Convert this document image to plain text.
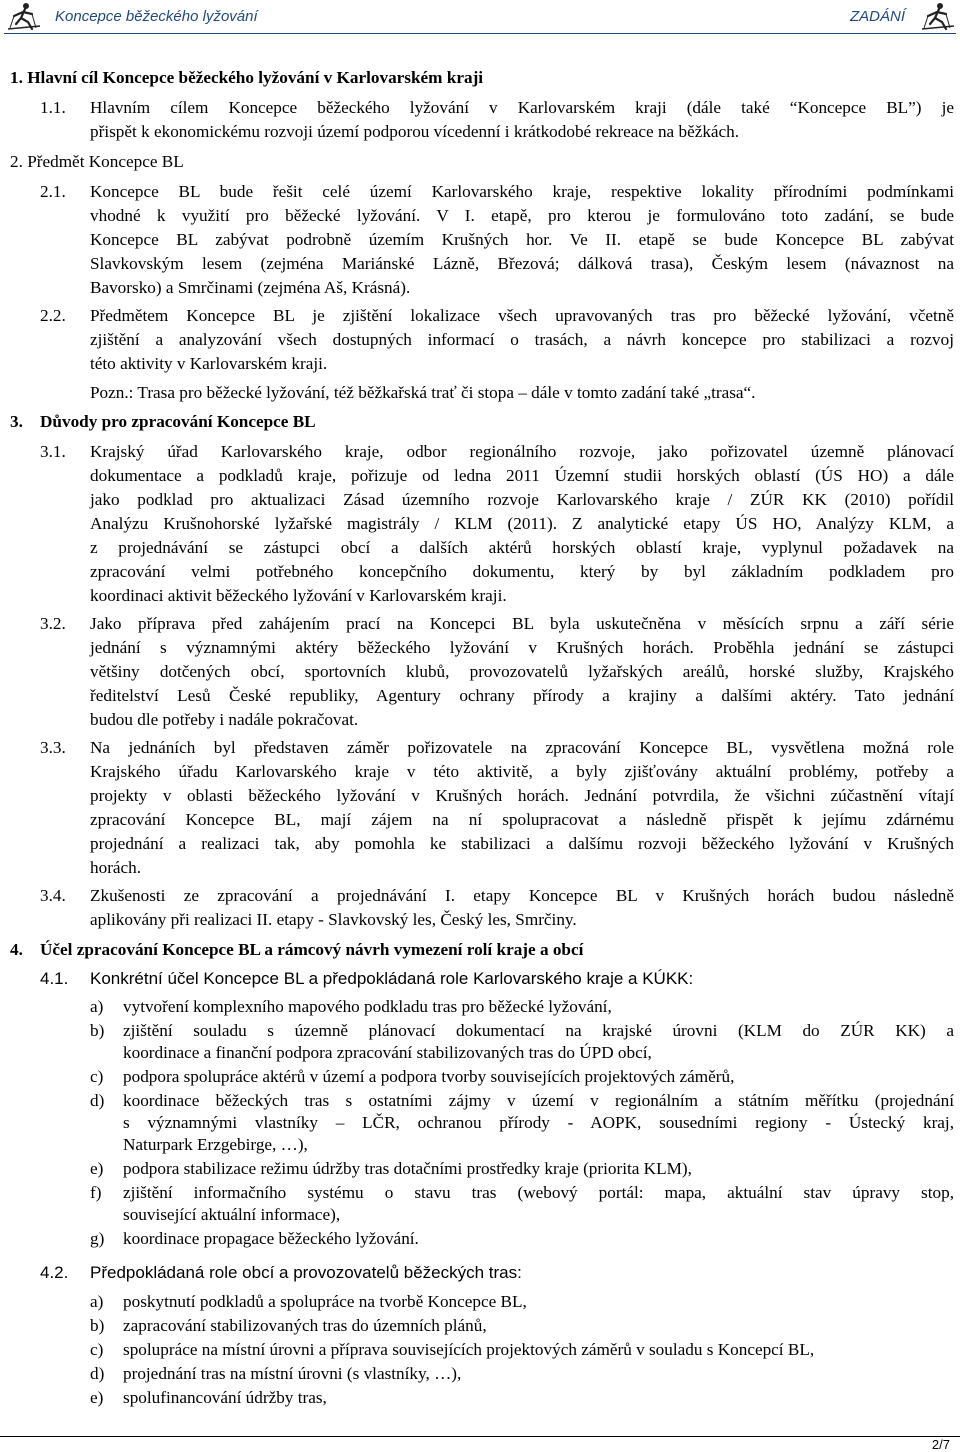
Koncepce běžeckého lyžování	ZADÁNÍ
1. Hlavní cíl Koncepce běžeckého lyžování v Karlovarském kraji
1.1. Hlavním cílem Koncepce běžeckého lyžování v Karlovarském kraji (dále také “Koncepce BL”) je
přispět k ekonomickému rozvoji území podporou vícedenní i krátkodobé rekreace na běžkách.
2. Předmět Koncepce BL
2.1. Koncepce BL bude řešit celé území Karlovarského kraje, respektive lokality přírodními podmínkami
vhodné k využití pro běžecké lyžování. V I. etapě, pro kterou je formulováno toto zadání, se bude
Koncepce BL zabývat podrobně územím Krušných hor. Ve II. etapě se bude Koncepce BL zabývat
Slavkovským lesem (zejména Mariánské Lázně, Březová; dálková trasa), Českým lesem (návaznost na
Bavorsko) a Smrčinami (zejména Aš, Krásná).
2.2. Předmětem Koncepce BL je zjištění lokalizace všech upravovaných tras pro běžecké lyžování, včetně
zjištění a analyzování všech dostupných informací o trasách, a návrh koncepce pro stabilizaci a rozvoj
této aktivity v Karlovarském kraji.
Pozn.: Trasa pro běžecké lyžování, též běžkařská trať či stopa – dále v tomto zadání také „trasa“.
3. Důvody pro zpracování Koncepce BL
3.1. Krajský úřad Karlovarského kraje, odbor regionálního rozvoje, jako pořizovatel územně plánovací
dokumentace a podkladů kraje, pořizuje od ledna 2011 Územní studii horských oblastí (ÚS HO) a dále
jako podklad pro aktualizaci Zásad územního rozvoje Karlovarského kraje / ZÚR KK (2010) pořídil
Analýzu Krušnohorské lyžařské magistrály / KLM (2011). Z analytické etapy ÚS HO, Analýzy KLM, a
z projednávání se zástupci obcí a dalších aktérů horských oblastí kraje, vyplynul požadavek na
zpracování velmi potřebného koncepčního dokumentu, který by byl základním podkladem pro
koordinaci aktivit běžeckého lyžování v Karlovarském kraji.
3.2. Jako příprava před zahájením prací na Koncepci BL byla uskutečněna v měsících srpnu a září série
jednání s významnými aktéry běžeckého lyžování v Krušných horách. Proběhla jednání se zástupci
většiny dotčených obcí, sportovních klubů, provozovatelů lyžařských areálů, horské služby, Krajského
ředitelství Lesů České republiky, Agentury ochrany přírody a krajiny a dalšími aktéry. Tato jednání
budou dle potřeby i nadále pokračovat.
3.3. Na jednáních byl představen záměr pořizovatele na zpracování Koncepce BL, vysvětlena možná role
Krajského úřadu Karlovarského kraje v této aktivitě, a byly zjišťovány aktuální problémy, potřeby a
projekty v oblasti běžeckého lyžování v Krušných horách. Jednání potvrdila, že všichni zúčastnění vítají
zpracování Koncepce BL, mají zájem na ní spolupracovat a následně přispět k jejímu zdárnému
projednání a realizaci tak, aby pomohla ke stabilizaci a dalšímu rozvoji běžeckého lyžování v Krušných
horách.
3.4. Zkušenosti ze zpracování a projednávání I. etapy Koncepce BL v Krušných horách budou následně
aplikovány při realizaci II. etapy - Slavkovský les, Český les, Smrčiny.
4. Účel zpracování Koncepce BL a rámcový návrh vymezení rolí kraje a obcí
4.1. Konkrétní účel Koncepce BL a předpokládaná role Karlovarského kraje a KÚKK:
a) vytvoření komplexního mapového podkladu tras pro běžecké lyžování,
b) zjištění souladu s územně plánovací dokumentací na krajské úrovni (KLM do ZÚR KK) a
koordinace a finanční podpora zpracování stabilizovaných tras do ÚPD obcí,
c) podpora spolupráce aktérů v území a podpora tvorby souvisejících projektových záměrů,
d) koordinace běžeckých tras s ostatními zájmy v území v regionálním a státním měřítku (projednání
s významnými vlastníky – LČR, ochranou přírody - AOPK, sousedními regiony - Ústecký kraj,
Naturpark Erzgebirge, …),
e) podpora stabilizace režimu údržby tras dotačními prostředky kraje (priorita KLM),
f) zjištění informačního systému o stavu tras (webový portál: mapa, aktuální stav úpravy stop,
související aktuální informace),
g) koordinace propagace běžeckého lyžování.
4.2. Předpokládaná role obcí a provozovatelů běžeckých tras:
a) poskytnutí podkladů a spolupráce na tvorbě Koncepce BL,
b) zapracování stabilizovaných tras do územních plánů,
c) spolupráce na místní úrovni a příprava souvisejících projektových záměrů v souladu s Koncepcí BL,
d) projednání tras na místní úrovni (s vlastníky, …),
e) spolufinancování údržby tras,
2/7
